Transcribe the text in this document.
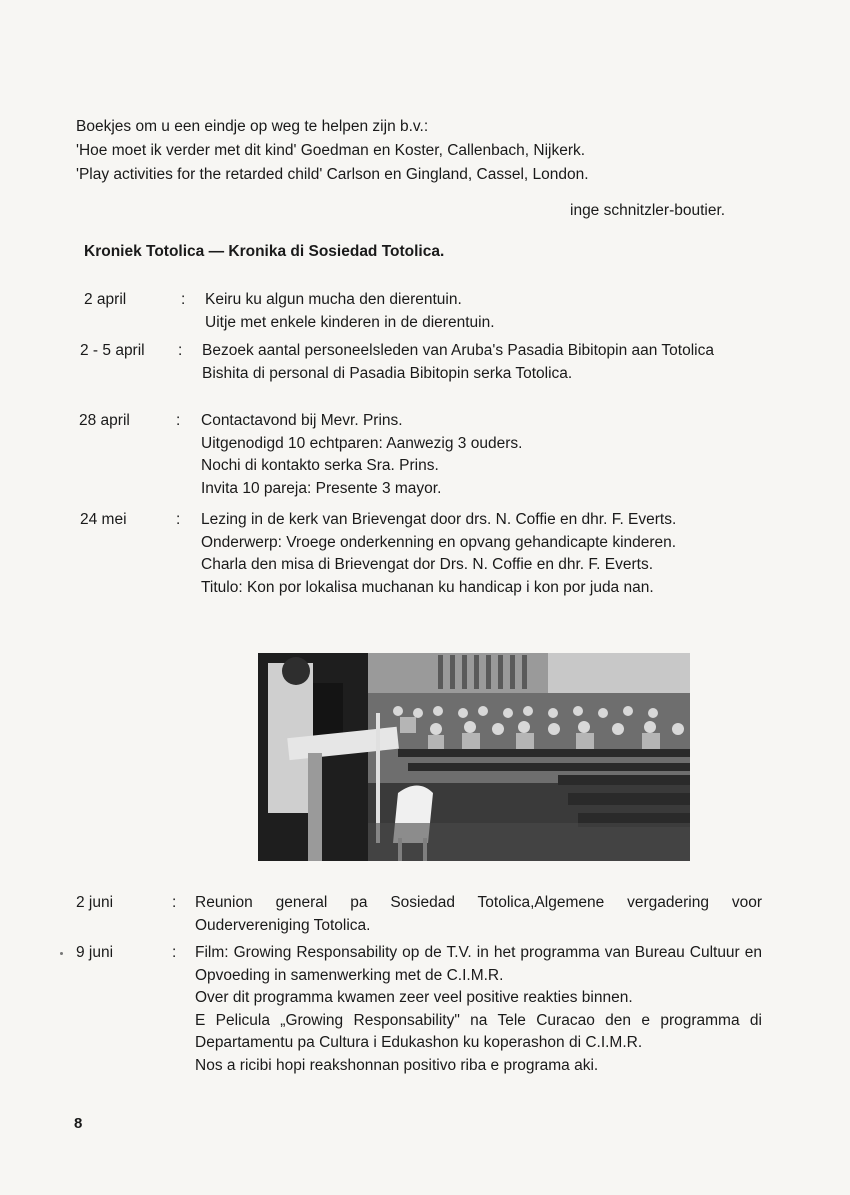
Boekjes om u een eindje op weg te helpen zijn b.v.:

'Hoe moet ik verder met dit kind' Goedman en Koster, Callenbach, Nijkerk.

'Play activities for the retarded child' Carlson en Gingland, Cassel, London.

inge schnitzler-boutier.
Kroniek Totolica — Kronika di Sosiedad Totolica.
2 april	: Keiru ku algun mucha den dierentuin.
Uitje met enkele kinderen in de dierentuin.
2 - 5 april : Bezoek aantal personeelsleden van Aruba's Pasadia Bibitopin aan Totolica
Bishita di personal di Pasadia Bibitopin serka Totolica.
28 april	: Contactavond bij Mevr. Prins.
Uitgenodigd 10 echtparen: Aanwezig 3 ouders.
Nochi di kontakto serka Sra. Prins.
Invita 10 pareja: Presente 3 mayor.
24 mei	: Lezing in de kerk van Brievengat door drs. N. Coffie en dhr. F. Everts.
Onderwerp: Vroege onderkenning en opvang gehandicapte kinderen.
Charla den misa di Brievengat dor Drs. N. Coffie en dhr. F. Everts.
Titulo: Kon por lokalisa muchanan ku handicap i kon por juda nan.
2 juni	: Reunion general pa Sosiedad Totolica,Algemene vergadering voor Oudervereniging Totolica.
9 juni	: Film: Growing Responsability op de T.V. in het programma van Bureau Cultuur en Opvoeding in samenwerking met de C.I.M.R.
Over dit programma kwamen zeer veel positive reakties binnen.
E Pelicula „Growing Responsability" na Tele Curacao den e programma di Departamentu pa Cultura i Edukashon ku koperashon di C.I.M.R.
Nos a ricibi hopi reakshonnan positivo riba e programa aki.
8
